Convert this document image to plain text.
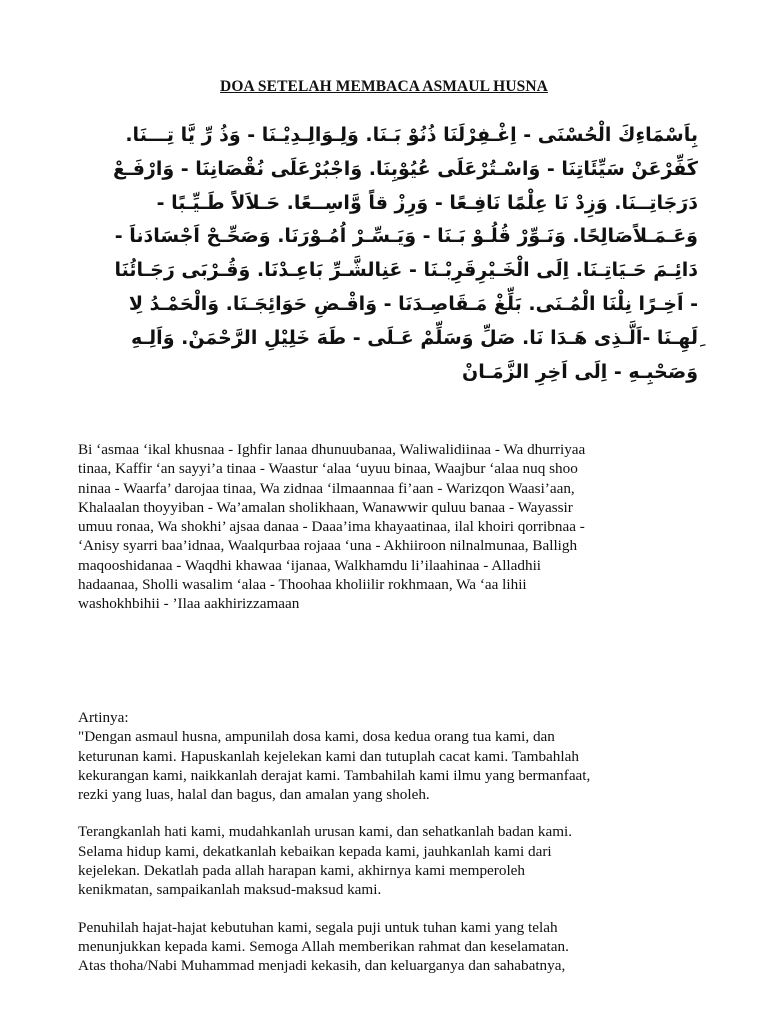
DOA SETELAH MEMBACA ASMAUL HUSNA
بِاَسْمَاءِكَ الْحُسْنَى - اِغْـفِرْلَنَا ذُنُوْ بَـنَا. وَلِـوَالِـدِيْـنَا - وَذُ رِّ يَّا تِـــنَا.
كَفِّرْعَنْ سَيِّئَاتِنَا - وَاسْـتُرْعَلَى عُيُوْبِنَا. وَاجْبُرْعَلَى نُقْصَانِنَا - وَارْفَـعْ
دَرَجَاتِــنَا. وَزِدْ نَا عِلْمًا نَافِـعًا - وَرِزْ قاً وَّاسِــعًا. حَـلاَلاً طَـيِّـبًا -
وَعَـمَـلاًصَالِحًا. وَنَـوِّرْ قُلُـوْ بَـنَا - وَيَـسِّـرْ اُمُـوْرَنَا. وَصَحِّـحْ اَجْسَادَناَ -
دَائِـمَ حَـيَاتِـنَا. اِلَى الْخَـيْرِقَرِبْـنَا - عَنِالشَّـرِّ بَاعِـدْنَا. وَقُـرْبَى رَجَـائُنَا
- اَخِـرًا نِلْنَا الْمُـنَى. بَلِّغْ مَـقَاصِـدَنَا - وَاقْـضِ حَوَائِجَـنَا. وَالْحَمْـدُ لِا
ِلَهِـنَا -اَلَّـذِى هَـدَا نَا. صَلِّ وَسَلِّمْ عَـلَى - طَهَ خَلِيْلِ الرَّحْمَنْ. وَاَلِـهِ
وَصَحْبِـهِ - اِلَى اَخِرِ الزَّمَـانْ
Bi ‘asmaa ‘ikal khusnaa - Ighfir lanaa dhunuubanaa, Waliwalidiinaa - Wa dhurriyaa
tinaa, Kaffir ‘an sayyi’a tinaa - Waastur ‘alaa ‘uyuu binaa, Waajbur ‘alaa nuq shoo
ninaa - Waarfa’ darojaa tinaa, Wa zidnaa ‘ilmaannaa fi’aan - Warizqon Waasi’aan,
Khalaalan thoyyiban - Wa’amalan sholikhaan, Wanawwir quluu banaa - Wayassir
umuu ronaa, Wa shokhi’ ajsaa danaa - Daaa’ima khayaatinaa, ilal khoiri qorribnaa -
‘Anisy syarri baa’idnaa, Waalqurbaa rojaaa ‘una - Akhiiroon nilnalmunaa, Balligh
maqooshidanaa - Waqdhi khawaa ‘ijanaa, Walkhamdu li’ilaahinaa - Alladhii
hadaanaa, Sholli wasalim ‘alaa - Thoohaa kholiilir rokhmaan, Wa ‘aa lihii
washokhbihii - ’Ilaa aakhirizzamaan
Artinya:
"Dengan asmaul husna, ampunilah dosa kami, dosa kedua orang tua kami, dan
keturunan kami. Hapuskanlah kejelekan kami dan tutuplah cacat kami. Tambahlah
kekurangan kami, naikkanlah derajat kami. Tambahilah kami ilmu yang bermanfaat,
rezki yang luas, halal dan bagus, dan amalan yang sholeh.
Terangkanlah hati kami, mudahkanlah urusan kami, dan sehatkanlah badan kami.
Selama hidup kami, dekatkanlah kebaikan kepada kami, jauhkanlah kami dari
kejelekan. Dekatlah pada allah harapan kami, akhirnya kami memperoleh
kenikmatan, sampaikanlah maksud-maksud kami.
Penuhilah hajat-hajat kebutuhan kami, segala puji untuk tuhan kami yang telah
menunjukkan kepada kami. Semoga Allah memberikan rahmat dan keselamatan.
Atas thoha/Nabi Muhammad menjadi kekasih, dan keluarganya dan sahabatnya,
